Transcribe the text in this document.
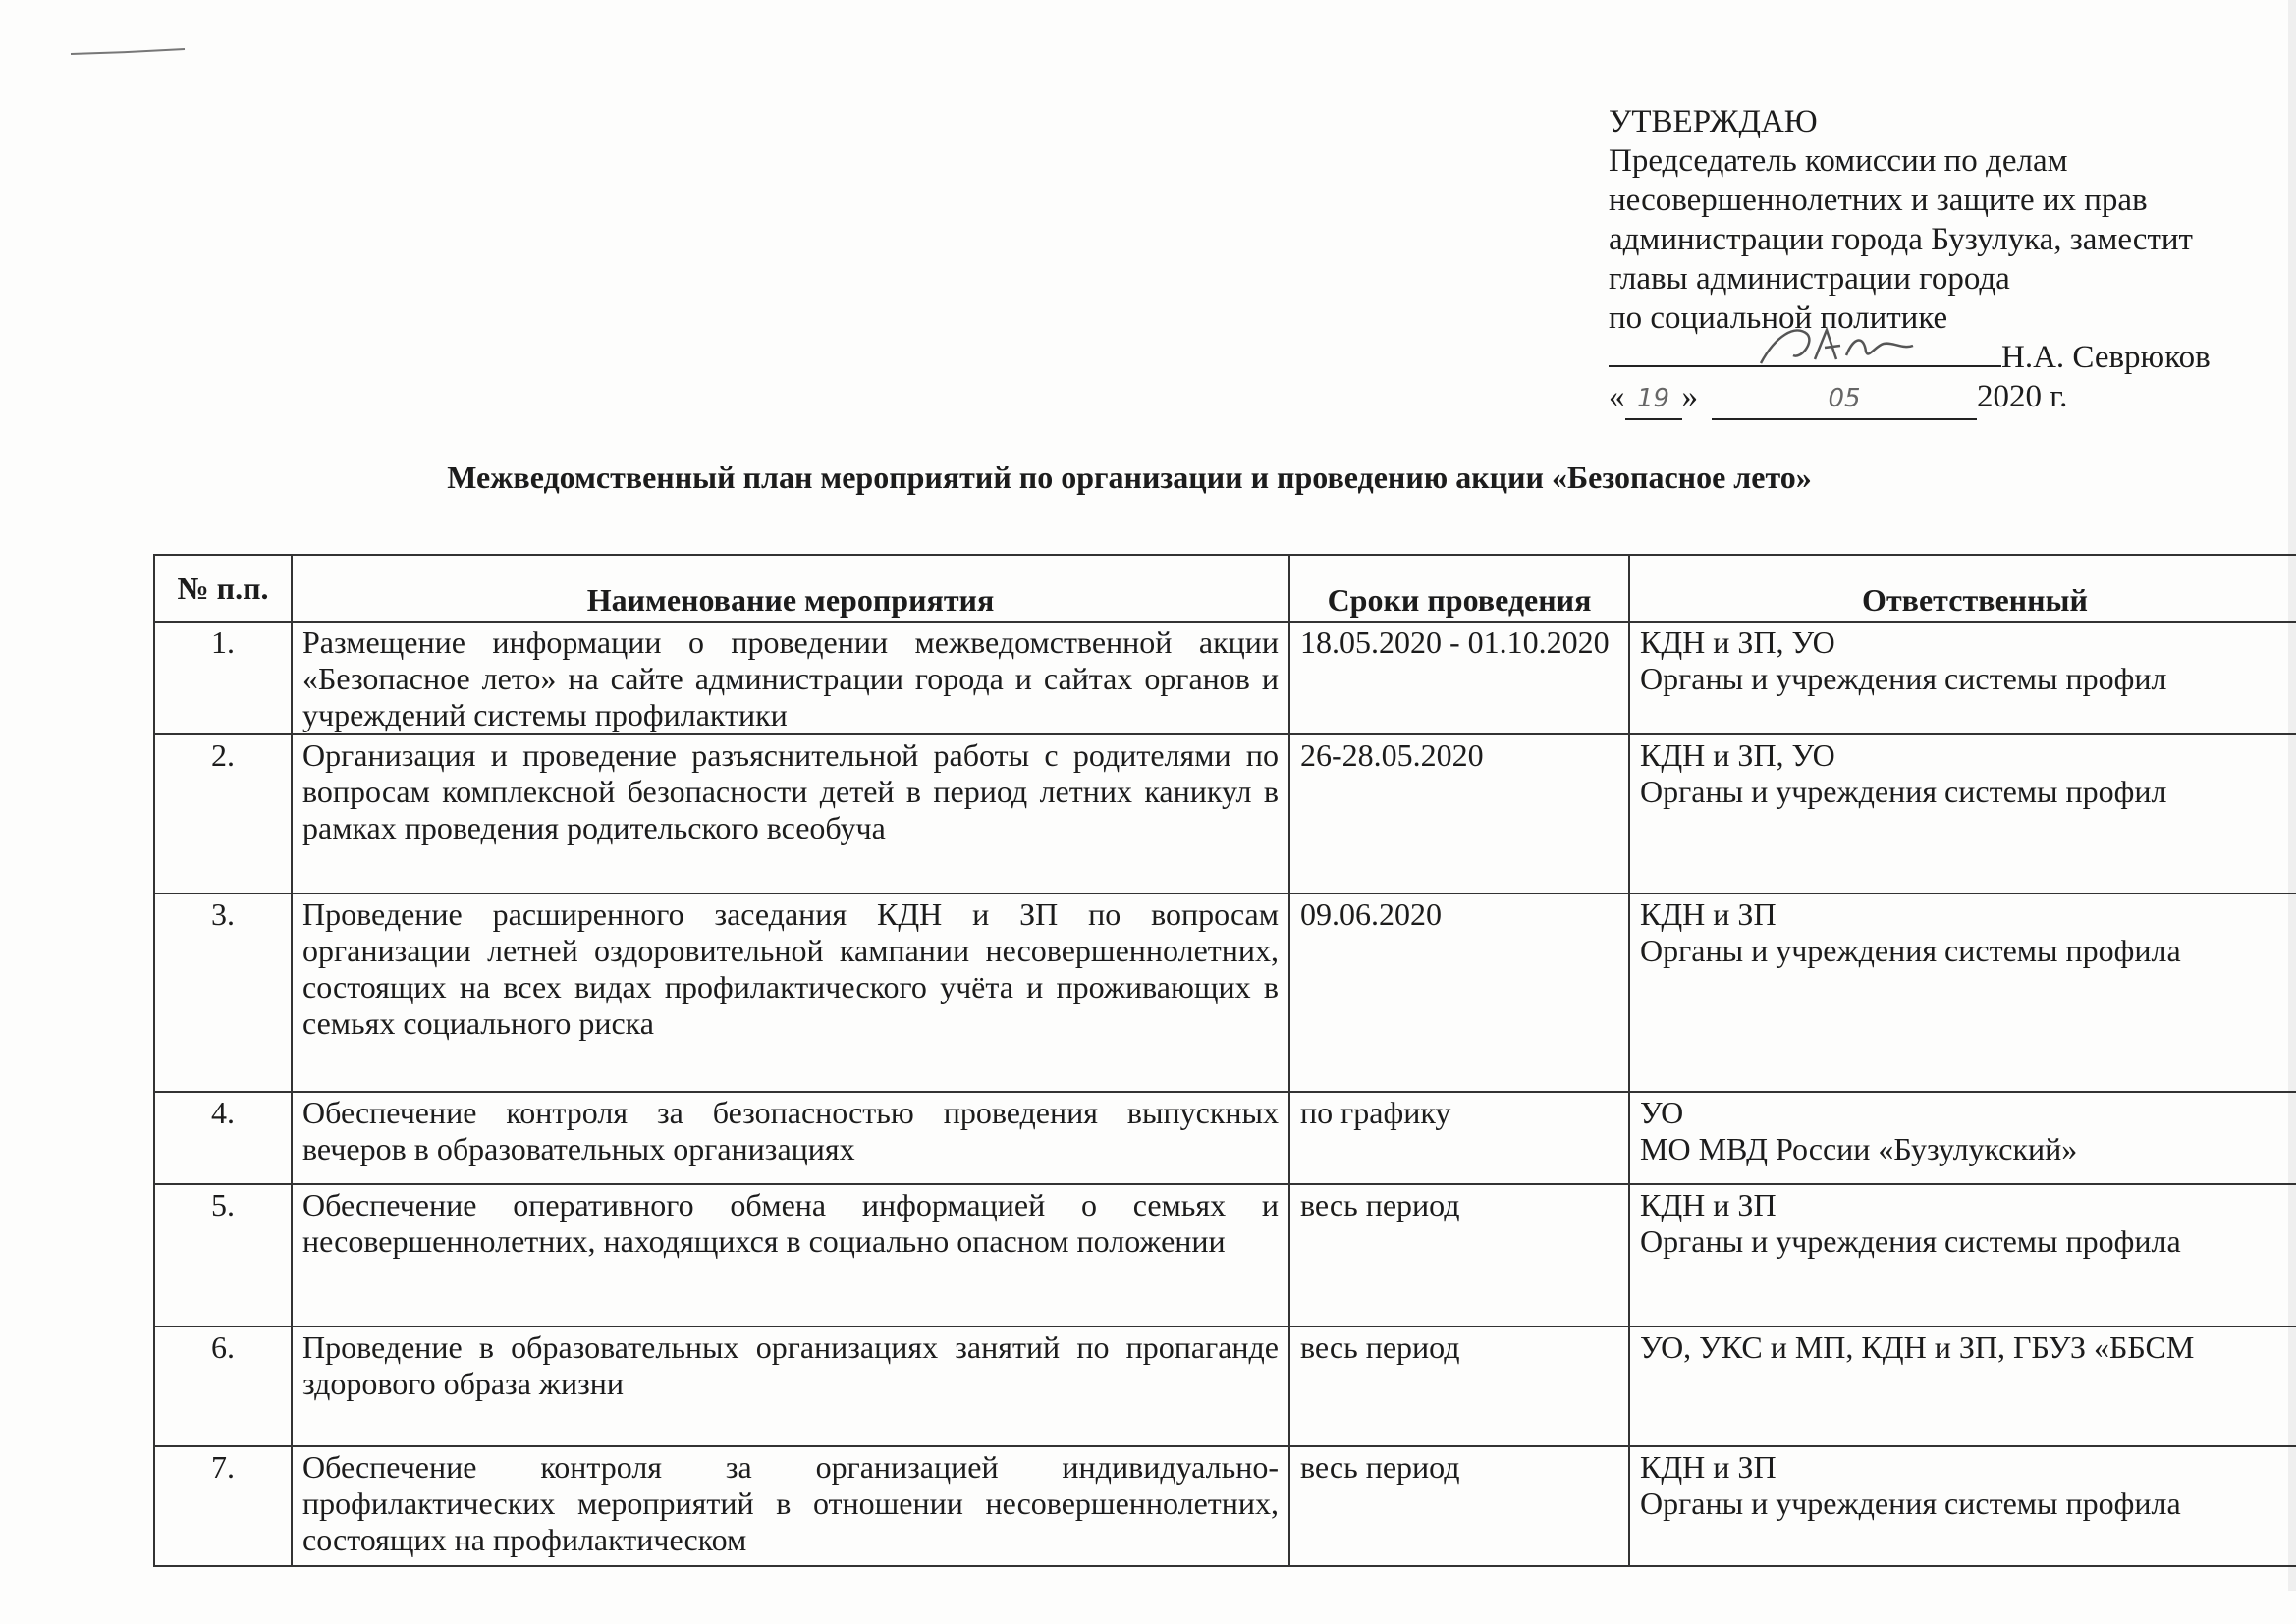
УТВЕРЖДАЮ
Председатель комиссии по делам
несовершеннолетних и защите их прав
администрации города Бузулука, заместит
главы администрации города
по социальной политике
Н.А. Севрюков
« 19 »	05	2020 г.
Межведомственный план мероприятий по организации и проведению акции «Безопасное лето»
№ п.п.	Наименование мероприятия	Сроки проведения	Ответственный
1.	Размещение информации о проведении межведомственной акции «Безопасное лето» на сайте администрации города и сайтах органов и учреждений системы профилактики	18.05.2020 - 01.10.2020	КДН и ЗП, УО
Органы и учреждения системы профил

2.	Организация и проведение разъяснительной работы с родителями по вопросам комплексной безопасности детей в период летних каникул в рамках проведения родительского всеобуча	26-28.05.2020	КДН и ЗП, УО
Органы и учреждения системы профил

3.	Проведение расширенного заседания КДН и ЗП по вопросам организации летней оздоровительной кампании несовершеннолетних, состоящих на всех видах профилактического учёта и проживающих в семьях социального риска	09.06.2020	КДН и ЗП
Органы и учреждения системы профила

4.	Обеспечение контроля за безопасностью проведения выпускных вечеров в образовательных организациях	по графику	УО
МО МВД России «Бузулукский»

5.	Обеспечение оперативного обмена информацией о семьях и несовершеннолетних, находящихся в социально опасном положении	весь период	КДН и ЗП
Органы и учреждения системы профила

6.	Проведение в образовательных организациях занятий по пропаганде здорового образа жизни	весь период	УО, УКС и МП, КДН и ЗП, ГБУЗ «ББСМ

7.	Обеспечение контроля за организацией индивидуально-профилактических мероприятий в отношении несовершеннолетних, состоящих на профилактическом	весь период	КДН и ЗП
Органы и учреждения системы профила
